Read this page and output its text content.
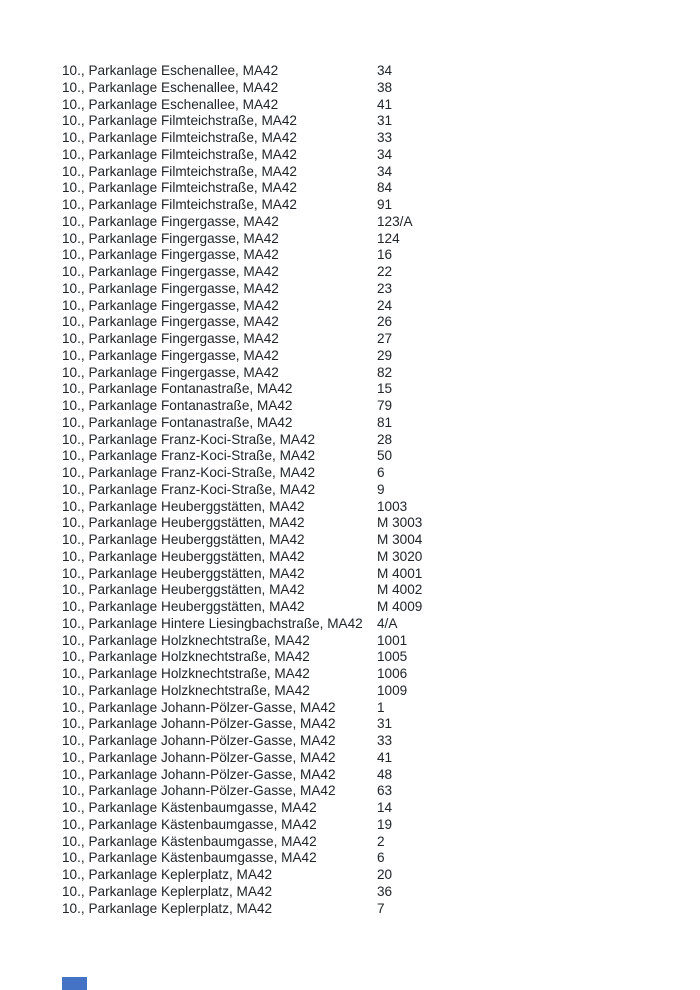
10., Parkanlage Eschenallee, MA42	34
10., Parkanlage Eschenallee, MA42	38
10., Parkanlage Eschenallee, MA42	41
10., Parkanlage Filmteichstraße, MA42	31
10., Parkanlage Filmteichstraße, MA42	33
10., Parkanlage Filmteichstraße, MA42	34
10., Parkanlage Filmteichstraße, MA42	34
10., Parkanlage Filmteichstraße, MA42	84
10., Parkanlage Filmteichstraße, MA42	91
10., Parkanlage Fingergasse, MA42	123/A
10., Parkanlage Fingergasse, MA42	124
10., Parkanlage Fingergasse, MA42	16
10., Parkanlage Fingergasse, MA42	22
10., Parkanlage Fingergasse, MA42	23
10., Parkanlage Fingergasse, MA42	24
10., Parkanlage Fingergasse, MA42	26
10., Parkanlage Fingergasse, MA42	27
10., Parkanlage Fingergasse, MA42	29
10., Parkanlage Fingergasse, MA42	82
10., Parkanlage Fontanastraße, MA42	15
10., Parkanlage Fontanastraße, MA42	79
10., Parkanlage Fontanastraße, MA42	81
10., Parkanlage Franz-Koci-Straße, MA42	28
10., Parkanlage Franz-Koci-Straße, MA42	50
10., Parkanlage Franz-Koci-Straße, MA42	6
10., Parkanlage Franz-Koci-Straße, MA42	9
10., Parkanlage Heuberggstätten, MA42	1003
10., Parkanlage Heuberggstätten, MA42	M 3003
10., Parkanlage Heuberggstätten, MA42	M 3004
10., Parkanlage Heuberggstätten, MA42	M 3020
10., Parkanlage Heuberggstätten, MA42	M 4001
10., Parkanlage Heuberggstätten, MA42	M 4002
10., Parkanlage Heuberggstätten, MA42	M 4009
10., Parkanlage Hintere Liesingbachstraße, MA42	4/A
10., Parkanlage Holzknechtstraße, MA42	1001
10., Parkanlage Holzknechtstraße, MA42	1005
10., Parkanlage Holzknechtstraße, MA42	1006
10., Parkanlage Holzknechtstraße, MA42	1009
10., Parkanlage Johann-Pölzer-Gasse, MA42	1
10., Parkanlage Johann-Pölzer-Gasse, MA42	31
10., Parkanlage Johann-Pölzer-Gasse, MA42	33
10., Parkanlage Johann-Pölzer-Gasse, MA42	41
10., Parkanlage Johann-Pölzer-Gasse, MA42	48
10., Parkanlage Johann-Pölzer-Gasse, MA42	63
10., Parkanlage Kästenbaumgasse, MA42	14
10., Parkanlage Kästenbaumgasse, MA42	19
10., Parkanlage Kästenbaumgasse, MA42	2
10., Parkanlage Kästenbaumgasse, MA42	6
10., Parkanlage Keplerplatz, MA42	20
10., Parkanlage Keplerplatz, MA42	36
10., Parkanlage Keplerplatz, MA42	7
